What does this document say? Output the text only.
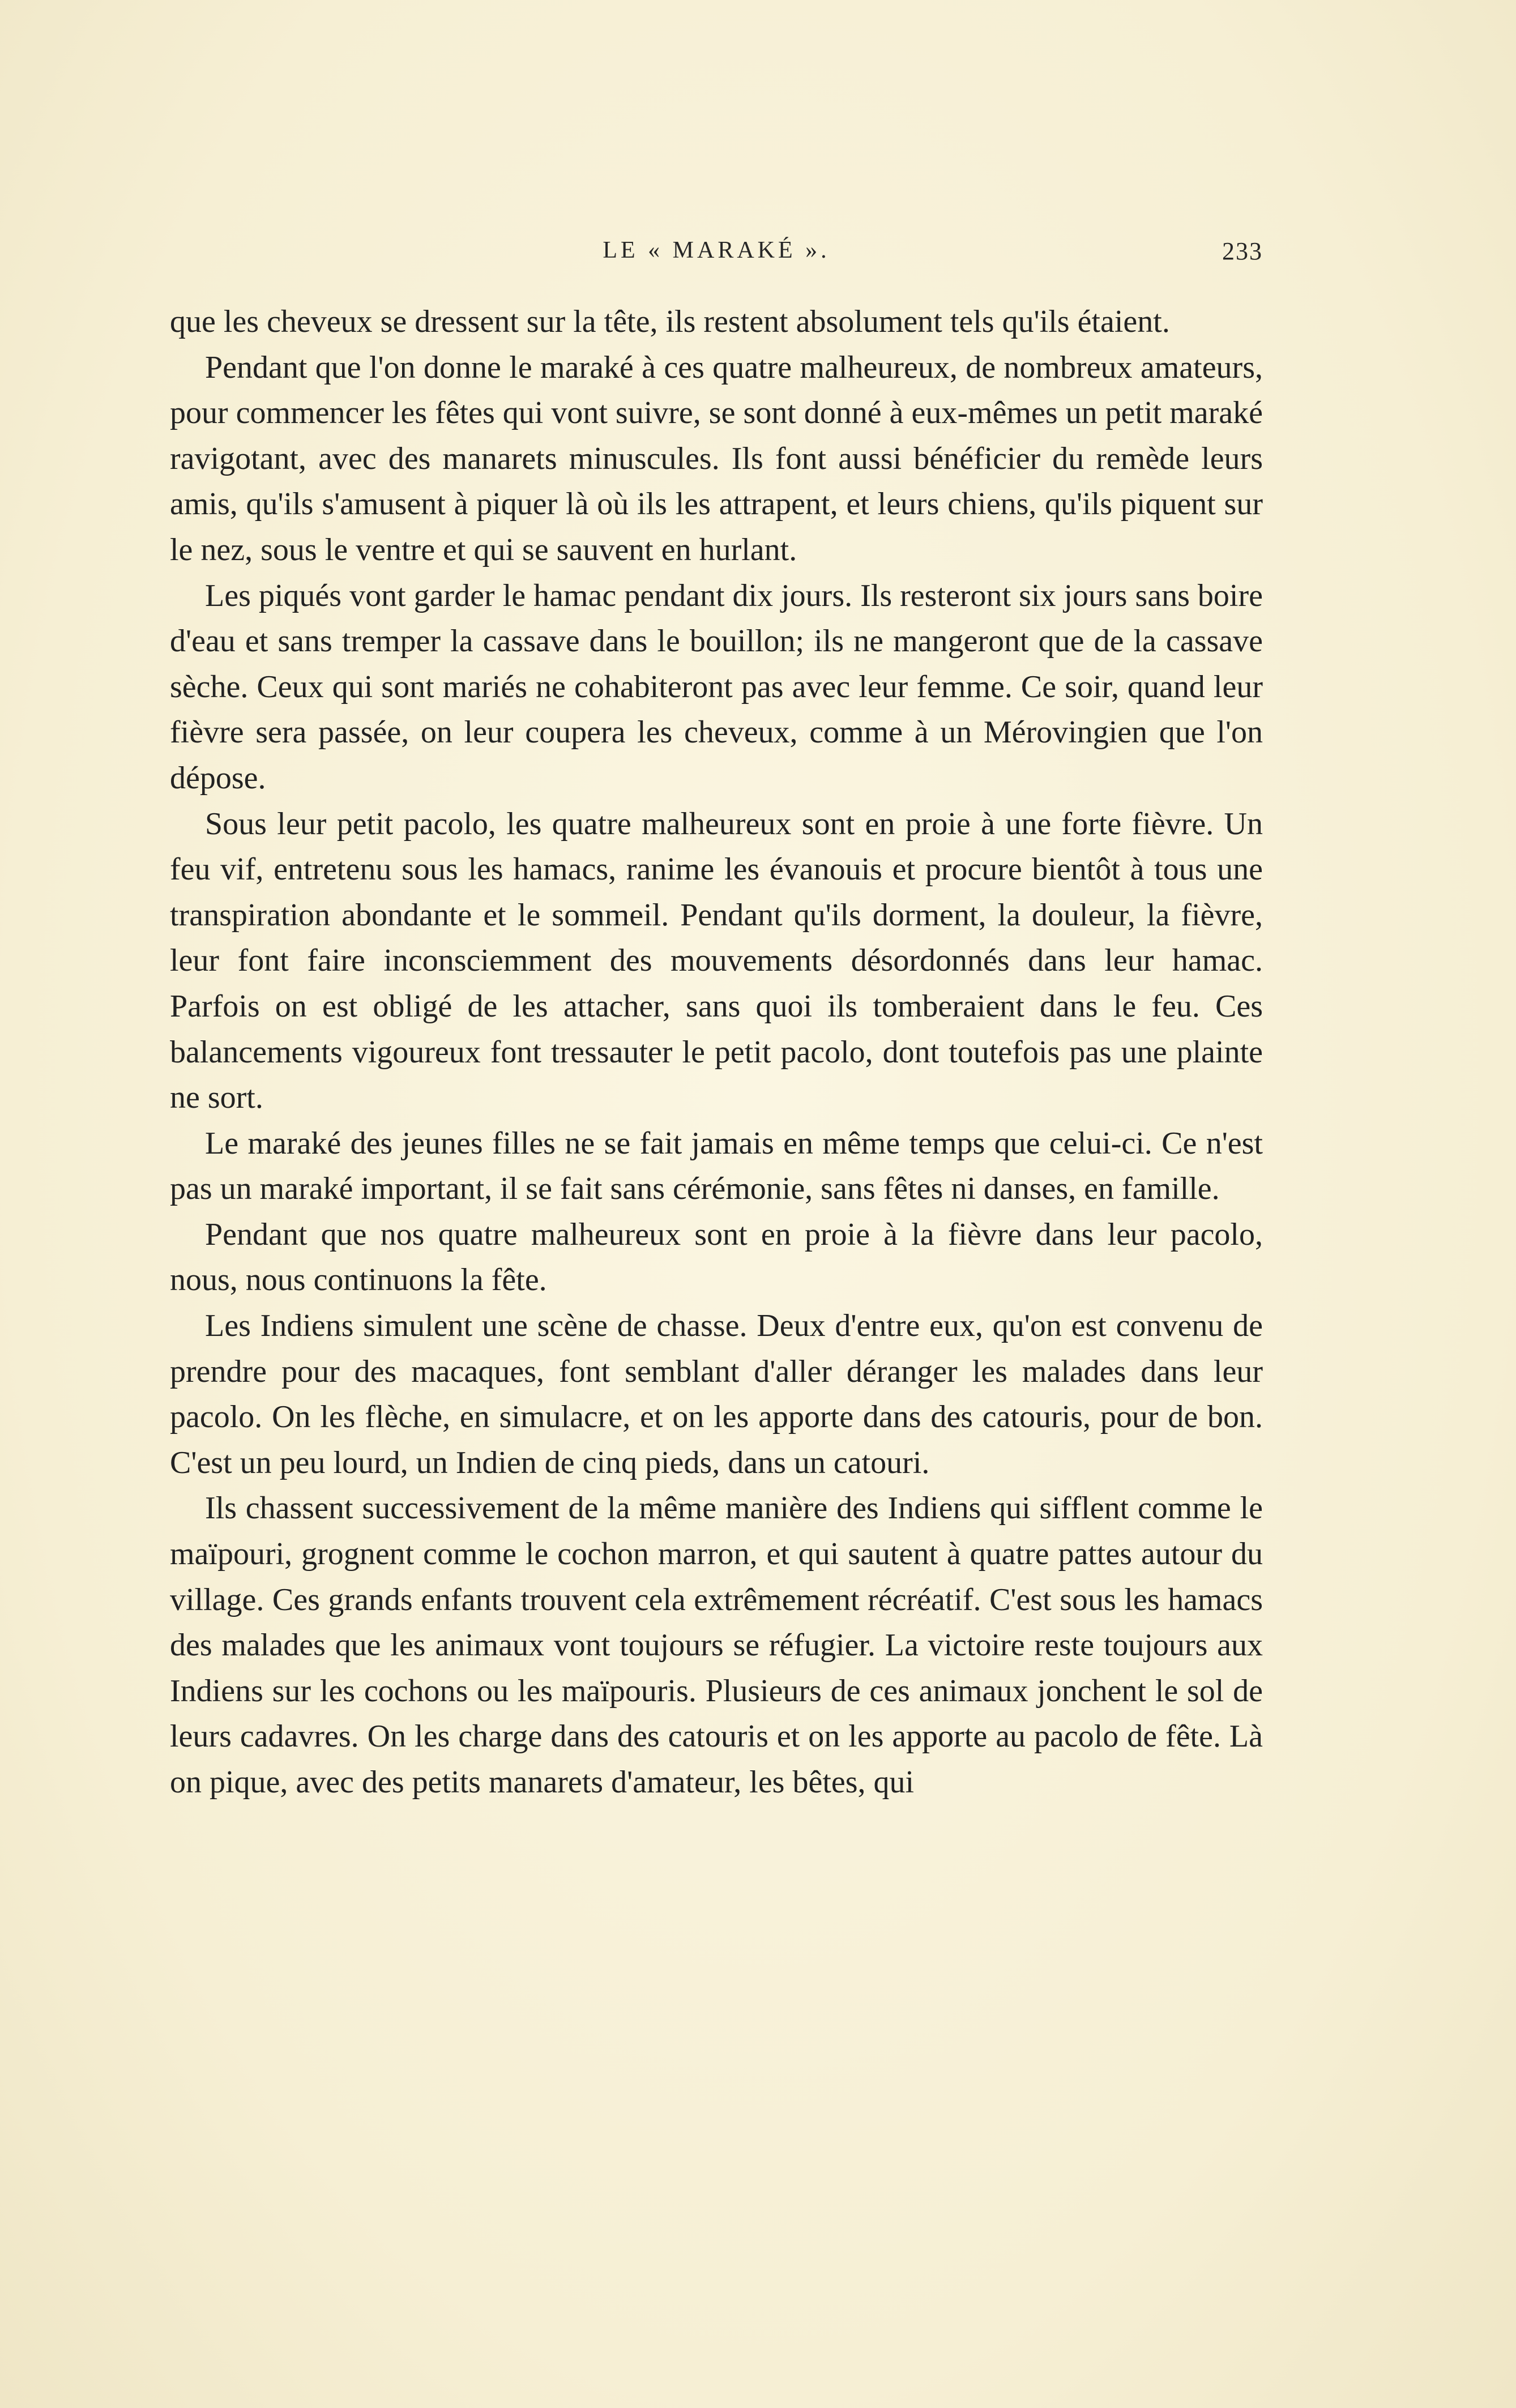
LE « MARAKÉ ».	233

que les cheveux se dressent sur la tête, ils restent absolument tels qu'ils étaient.

Pendant que l'on donne le maraké à ces quatre malheureux, de nombreux amateurs, pour commencer les fêtes qui vont suivre, se sont donné à eux-mêmes un petit maraké ravigotant, avec des manarets minuscules. Ils font aussi bénéficier du remède leurs amis, qu'ils s'amusent à piquer là où ils les attrapent, et leurs chiens, qu'ils piquent sur le nez, sous le ventre et qui se sauvent en hurlant.

Les piqués vont garder le hamac pendant dix jours. Ils resteront six jours sans boire d'eau et sans tremper la cassave dans le bouillon; ils ne mangeront que de la cassave sèche. Ceux qui sont mariés ne cohabiteront pas avec leur femme. Ce soir, quand leur fièvre sera passée, on leur coupera les cheveux, comme à un Mérovingien que l'on dépose.

Sous leur petit pacolo, les quatre malheureux sont en proie à une forte fièvre. Un feu vif, entretenu sous les hamacs, ranime les évanouis et procure bientôt à tous une transpiration abondante et le sommeil. Pendant qu'ils dorment, la douleur, la fièvre, leur font faire inconsciemment des mouvements désordonnés dans leur hamac. Parfois on est obligé de les attacher, sans quoi ils tomberaient dans le feu. Ces balancements vigoureux font tressauter le petit pacolo, dont toutefois pas une plainte ne sort.

Le maraké des jeunes filles ne se fait jamais en même temps que celui-ci. Ce n'est pas un maraké important, il se fait sans cérémonie, sans fêtes ni danses, en famille.

Pendant que nos quatre malheureux sont en proie à la fièvre dans leur pacolo, nous, nous continuons la fête.

Les Indiens simulent une scène de chasse. Deux d'entre eux, qu'on est convenu de prendre pour des macaques, font semblant d'aller déranger les malades dans leur pacolo. On les flèche, en simulacre, et on les apporte dans des catouris, pour de bon. C'est un peu lourd, un Indien de cinq pieds, dans un catouri.

Ils chassent successivement de la même manière des Indiens qui sifflent comme le maïpouri, grognent comme le cochon marron, et qui sautent à quatre pattes autour du village. Ces grands enfants trouvent cela extrêmement récréatif. C'est sous les hamacs des malades que les animaux vont toujours se réfugier. La victoire reste toujours aux Indiens sur les cochons ou les maïpouris. Plusieurs de ces animaux jonchent le sol de leurs cadavres. On les charge dans des catouris et on les apporte au pacolo de fête. Là on pique, avec des petits manarets d'amateur, les bêtes, qui
